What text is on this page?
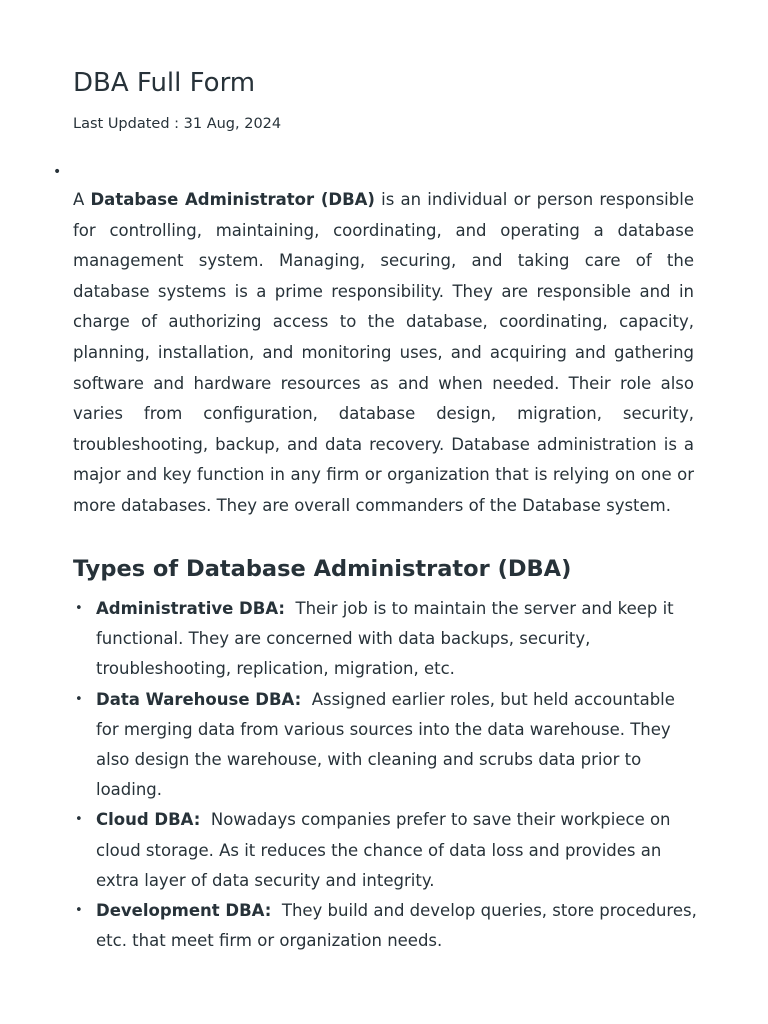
DBA Full Form
Last Updated : 31 Aug, 2024
•

A Database Administrator (DBA) is an individual or person responsible for controlling, maintaining, coordinating, and operating a database management system. Managing, securing, and taking care of the database systems is a prime responsibility. They are responsible and in charge of authorizing access to the database, coordinating, capacity, planning, installation, and monitoring uses, and acquiring and gathering software and hardware resources as and when needed. Their role also varies from configuration, database design, migration, security, troubleshooting, backup, and data recovery. Database administration is a major and key function in any firm or organization that is relying on one or more databases. They are overall commanders of the Database system.

Types of Database Administrator (DBA)
• Administrative DBA: Their job is to maintain the server and keep it functional. They are concerned with data backups, security, troubleshooting, replication, migration, etc.
• Data Warehouse DBA: Assigned earlier roles, but held accountable for merging data from various sources into the data warehouse. They also design the warehouse, with cleaning and scrubs data prior to loading.
• Cloud DBA: Nowadays companies prefer to save their workpiece on cloud storage. As it reduces the chance of data loss and provides an extra layer of data security and integrity.
• Development DBA: They build and develop queries, store procedures, etc. that meet firm or organization needs.
